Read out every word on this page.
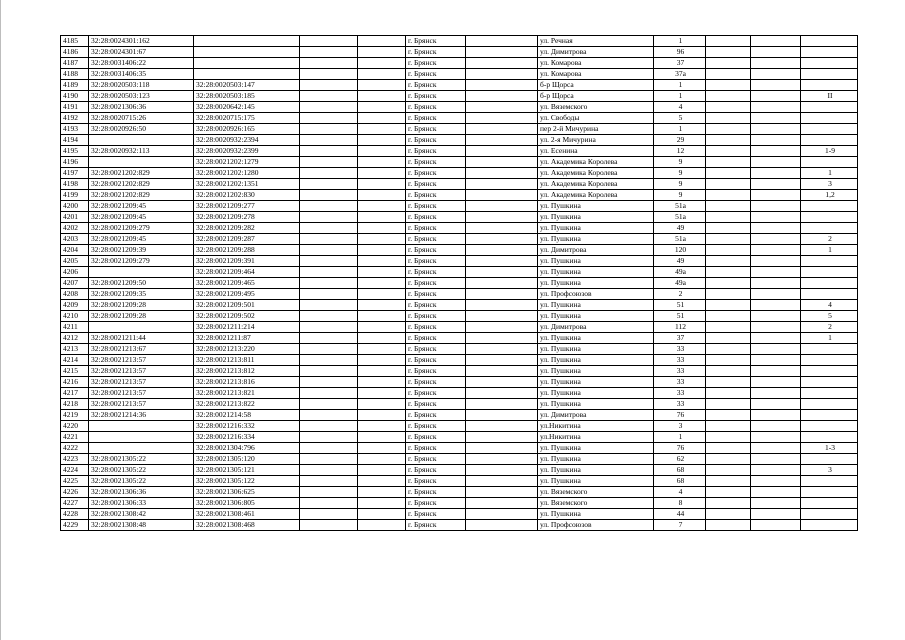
4185	32:28:0024301:162				г. Брянск		ул. Речная	1			
4186	32:28:0024301:67				г. Брянск		ул. Димитрова	96			
4187	32:28:0031406:22				г. Брянск		ул. Комарова	37			
4188	32:28:0031406:35				г. Брянск		ул. Комарова	37а			
4189	32:28:0020503:118	32:28:0020503:147			г. Брянск		б-р Щорса	1			
4190	32:28:0020503:123	32:28:0020503:185			г. Брянск		б-р Щорса	1			II
4191	32:28:0021306:36	32:28:0020642:145			г. Брянск		ул. Вяземского	4			
4192	32:28:0020715:26	32:28:0020715:175			г. Брянск		ул. Свободы	5			
4193	32:28:0020926:50	32:28:0020926:165			г. Брянск		пер 2-й Мичурина	1			
4194		32:28:0020932:2394			г. Брянск		ул. 2-я Мичурина	29			
4195	32:28:0020932:113	32:28:0020932:2399			г. Брянск		ул. Есенина	12			1-9
4196		32:28:0021202:1279			г. Брянск		ул. Академика Королева	9			
4197	32:28:0021202:829	32:28:0021202:1280			г. Брянск		ул. Академика Королева	9			1
4198	32:28:0021202:829	32:28:0021202:1351			г. Брянск		ул. Академика Королева	9			3
4199	32:28:0021202:829	32:28:0021202:830			г. Брянск		ул. Академика Королева	9			1,2
4200	32:28:0021209:45	32:28:0021209:277			г. Брянск		ул. Пушкина	51а			
4201	32:28:0021209:45	32:28:0021209:278			г. Брянск		ул. Пушкина	51а			
4202	32:28:0021209:279	32:28:0021209:282			г. Брянск		ул. Пушкина	49			
4203	32:28:0021209:45	32:28:0021209:287			г. Брянск		ул. Пушкина	51а			2
4204	32:28:0021209:39	32:28:0021209:288			г. Брянск		ул. Димитрова	120			1
4205	32:28:0021209:279	32:28:0021209:391			г. Брянск		ул. Пушкина	49			
4206		32:28:0021209:464			г. Брянск		ул. Пушкина	49а			
4207	32:28:0021209:50	32:28:0021209:465			г. Брянск		ул. Пушкина	49а			
4208	32:28:0021209:35	32:28:0021209:495			г. Брянск		ул. Профсоюзов	2			
4209	32:28:0021209:28	32:28:0021209:501			г. Брянск		ул. Пушкина	51			4
4210	32:28:0021209:28	32:28:0021209:502			г. Брянск		ул. Пушкина	51			5
4211		32:28:0021211:214			г. Брянск		ул. Димитрова	112			2
4212	32:28:0021211:44	32:28:0021211:87			г. Брянск		ул. Пушкина	37			1
4213	32:28:0021213:67	32:28:0021213:220			г. Брянск		ул. Пушкина	33			
4214	32:28:0021213:57	32:28:0021213:811			г. Брянск		ул. Пушкина	33			
4215	32:28:0021213:57	32:28:0021213:812			г. Брянск		ул. Пушкина	33			
4216	32:28:0021213:57	32:28:0021213:816			г. Брянск		ул. Пушкина	33			
4217	32:28:0021213:57	32:28:0021213:821			г. Брянск		ул. Пушкина	33			
4218	32:28:0021213:57	32:28:0021213:822			г. Брянск		ул. Пушкина	33			
4219	32:28:0021214:36	32:28:0021214:58			г. Брянск		ул. Димитрова	76			
4220		32:28:0021216:332			г. Брянск		ул.Никитина	3			
4221		32:28:0021216:334			г. Брянск		ул.Никитина	1			
4222		32:28:0021304:796			г. Брянск		ул. Пушкина	76			1-3
4223	32:28:0021305:22	32:28:0021305:120			г. Брянск		ул. Пушкина	62			
4224	32:28:0021305:22	32:28:0021305:121			г. Брянск		ул. Пушкина	68			3
4225	32:28:0021305:22	32:28:0021305:122			г. Брянск		ул. Пушкина	68			
4226	32:28:0021306:36	32:28:0021306:625			г. Брянск		ул. Вяземского	4			
4227	32:28:0021306:33	32:28:0021306:805			г. Брянск		ул. Вяземского	8			
4228	32:28:0021308:42	32:28:0021308:461			г. Брянск		ул. Пушкина	44			
4229	32:28:0021308:48	32:28:0021308:468			г. Брянск		ул. Профсоюзов	7			
